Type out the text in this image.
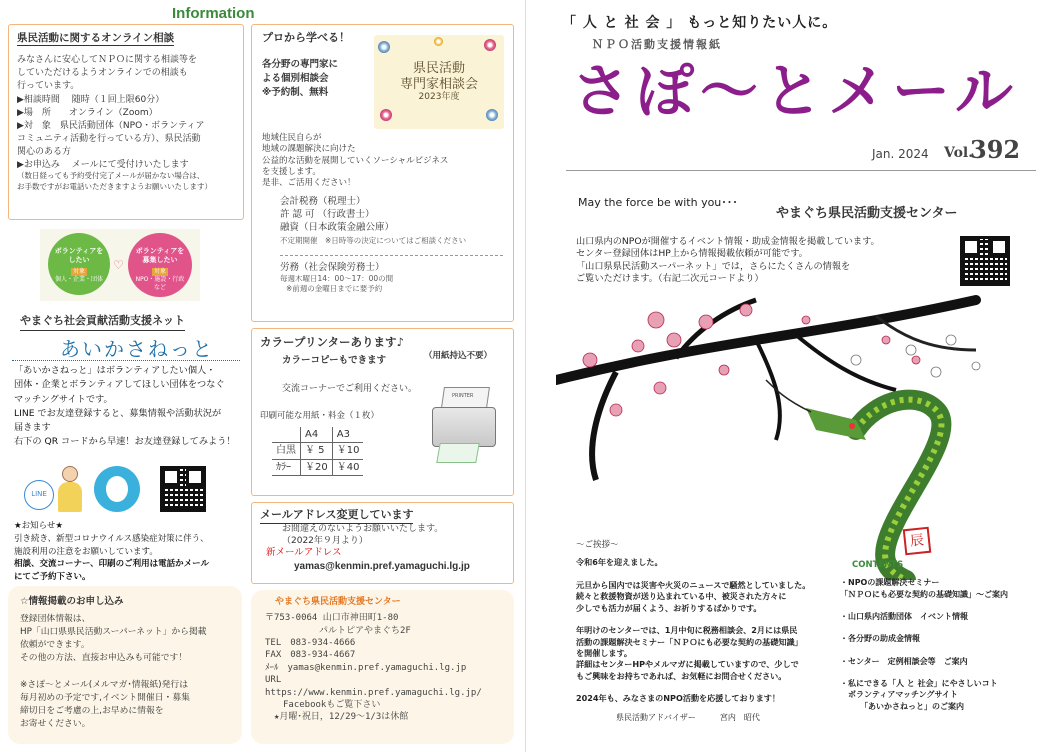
Information
県民活動に関するオンライン相談
みなさんに安心してＮＰＯに関する相談等を
していただけるようオンラインでの相談も
行っています。
▶相談時間　 随時（１回上限60分）
▶場　所　　オンライン（Zoom）
▶対　象　県民活動団体（NPO・ボランティア
コミュニティ活動を行っている方）、県民活動
関心のある方
▶お申込み　 メールにて受付けいたします
（数日経っても予約受付完了メールが届かない場合は、
お手数ですがお電話いただきますようお願いいたします）
プロから学べる！
各分野の専門家に
よる個別相談会
※予約制、無料
県民活動
専門家相談会
2023年度
地域住民自らが
地域の課題解決に向けた
公益的な活動を展開していくソーシャルビジネス
を支援します。
是非、ご活用ください！
会計税務（税理士）
許 認 可 （行政書士）
融資（日本政策金融公庫）
不定期開催　※日時等の決定についてはご相談ください
労務（社会保険労務士）
毎週木曜日14：00～17：00の間
※前週の金曜日までに要予約
ボランティアを
したい
対象
個人・企業・団体
♡
ボランティアを
募集したい
対象
NPO・施設・行政
など
やまぐち社会貢献活動支援ネット
あいかさねっと
「あいかさねっと」はボランティアしたい個人・
団体・企業とボランティアしてほしい団体をつなぐ
マッチングサイトです。
LINE でお友達登録すると、募集情報や活動状況が
届きます
右下の QR コードから早速！お友達登録してみよう！
LINE
★お知らせ★
引き続き、新型コロナウイルス感染症対策に伴う、
施設利用の注意をお願いしています。
相談、交流コーナー、印刷のご利用は電話かメール
にてご予約下さい。
☆情報掲載のお申し込み
登録団体情報は、
HP「山口県県民活動スーパーネット」から掲載
依頼ができます。
その他の方法、直接お申込みも可能です！

※さぽ～とメール(メルマガ･情報紙)発行は
毎月初めの予定です,イベント開催日・募集
締切日をご考慮の上,お早めに情報を
お寄せください。
カラープリンターあります♪
（用紙持込不要）
カラーコピーもできます
交流コーナーでご利用ください。
印刷可能な用紙・料金（１枚）
	A4	A3
白黒	￥ 5	￥10
ｶﾗｰ	￥20	￥40
PRINTER
メールアドレス変更しています
お間違えのないようお願いいたします。
（2022年９月より）
新メールアドレス
yamas@kenmin.pref.yamaguchi.lg.jp
やまぐち県民活動支援センター
〒753-0064 山口市神田町1-80
　　　　　　パルトピアやまぐち2F
TEL　083-934-4666
FAX　083-934-4667
ﾒｰﾙ　yamas@kenmin.pref.yamaguchi.lg.jp
URL
https://www.kenmin.pref.yamaguchi.lg.jp/
　　Facebookもご覧下さい
　★月曜･祝日，12/29～1/3は休館
「 人 と 社 会 」 もっと知りたい人に。
ＮＰＯ活動支援情報紙
さぽ～とメール
Jan. 2024 Vol.
392
May the force be with you･･･
やまぐち県民活動支援センター
山口県内のNPOが開催するイベント情報・助成金情報を掲載しています。
センター登録団体はHP上から情報掲載依頼が可能です。
「山口県県民活動スーパーネット」では，さらにたくさんの情報を
ご覧いただけます。（右記二次元コードより）
辰
～ご挨拶～
令和6年を迎えました。

元旦から国内では災害や火災のニュースで騒然としていました。
続々と救援物資が送り込まれている中、被災された方々に
少しでも活力が届くよう、お祈りするばかりです。

年明けのセンターでは、1月中旬に税務相談会、2月には県民
活動の課題解決セミナー「ＮＰＯにも必要な契約の基礎知識」
を開催します。
詳細はセンターHPやメルマガに掲載していますので、少しで
もご興味をお持ちであれば、お気軽にお問合せください。

2024年も、みなさまのNPO活動を応援しております！
県民活動アドバイザー　　　宮内　昭代
CONTENTS
・NPOの課題解決セミナー
「ＮＰＯにも必要な契約の基礎知識」～ご案内

・山口県内活動団体　イベント情報

・各分野の助成金情報

・センター　定例相談会等　ご案内

・私にできる「人 と 社会」にやさしいコト
　ボランティアマッチングサイト
　　　「あいかさねっと」のご案内
